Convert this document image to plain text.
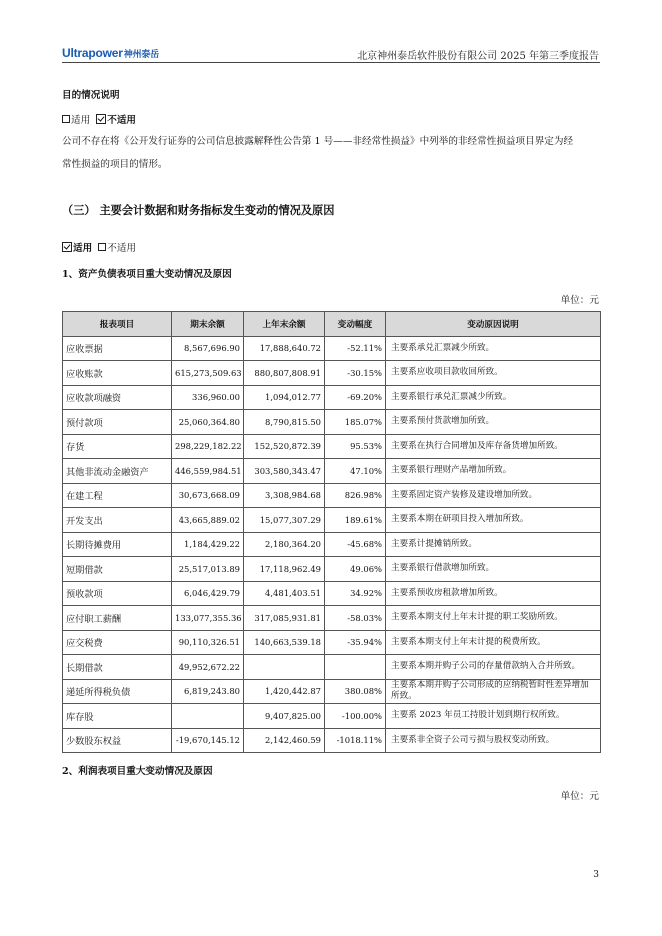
Ultrapower神州泰岳	北京神州泰岳软件股份有限公司 2025 年第三季度报告
目的情况说明
适用 不适用
公司不存在将《公开发行证券的公司信息披露解释性公告第 1 号——非经常性损益》中列举的非经常性损益项目界定为经
常性损益的项目的情形。
（三） 主要会计数据和财务指标发生变动的情况及原因
适用 不适用
1、资产负债表项目重大变动情况及原因
单位：元
报表项目	期末余额	上年末余额	变动幅度	变动原因说明
应收票据	8,567,696.90	17,888,640.72	-52.11%	主要系承兑汇票减少所致。
应收账款	615,273,509.63	880,807,808.91	-30.15%	主要系应收项目款收回所致。
应收款项融资	336,960.00	1,094,012.77	-69.20%	主要系银行承兑汇票减少所致。
预付款项	25,060,364.80	8,790,815.50	185.07%	主要系预付货款增加所致。
存货	298,229,182.22	152,520,872.39	95.53%	主要系在执行合同增加及库存备货增加所致。
其他非流动金融资产	446,559,984.51	303,580,343.47	47.10%	主要系银行理财产品增加所致。
在建工程	30,673,668.09	3,308,984.68	826.98%	主要系固定资产装修及建设增加所致。
开发支出	43,665,889.02	15,077,307.29	189.61%	主要系本期在研项目投入增加所致。
长期待摊费用	1,184,429.22	2,180,364.20	-45.68%	主要系计提摊销所致。
短期借款	25,517,013.89	17,118,962.49	49.06%	主要系银行借款增加所致。
预收款项	6,046,429.79	4,481,403.51	34.92%	主要系预收房租款增加所致。
应付职工薪酬	133,077,355.36	317,085,931.81	-58.03%	主要系本期支付上年末计提的职工奖励所致。
应交税费	90,110,326.51	140,663,539.18	-35.94%	主要系本期支付上年末计提的税费所致。
长期借款	49,952,672.22			主要系本期并购子公司的存量借款纳入合并所致。
递延所得税负债	6,819,243.80	1,420,442.87	380.08%	主要系本期并购子公司形成的应纳税暂时性差异增加所致。
库存股		9,407,825.00	-100.00%	主要系 2023 年员工持股计划到期行权所致。
少数股东权益	-19,670,145.12	2,142,460.59	-1018.11%	主要系非全资子公司亏损与股权变动所致。
2、利润表项目重大变动情况及原因
单位：元
3
